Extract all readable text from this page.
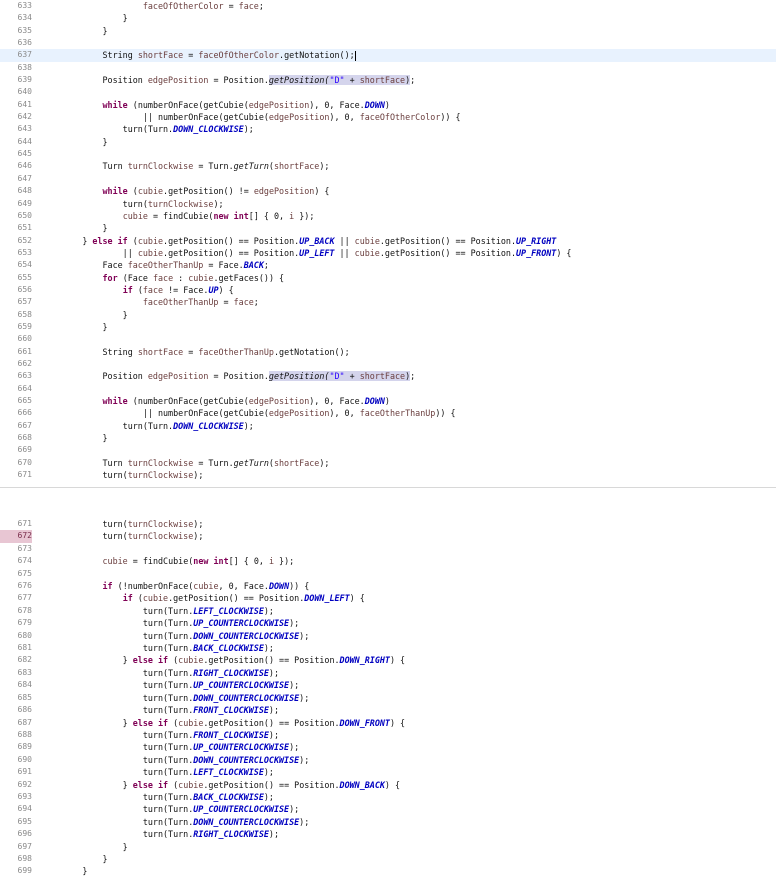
633	faceOfOtherColor = face;
634 }
635 }
636
637 String shortFace = faceOfOtherColor.getNotation();
638
639 Position edgePosition = Position.getPosition("D" + shortFace);
640
641	while (numberOnFace(getCubie(edgePosition), 0, Face.DOWN)
642 || numberOnFace(getCubie(edgePosition), 0, faceOfOtherColor)) {
643 turn(Turn.DOWN_CLOCKWISE);
644 }
645
646 Turn turnClockwise = Turn.getTurn(shortFace);
647
648	while (cubie.getPosition() != edgePosition) {
649 turn(turnClockwise);
650	cubie = findCubie(new int[] { 0, i });
651 }
652 } else if (cubie.getPosition() == Position.UP_BACK || cubie.getPosition() == Position.UP_RIGHT
653 || cubie.getPosition() == Position.UP_LEFT || cubie.getPosition() == Position.UP_FRONT) {
654 Face faceOtherThanUp = Face.BACK;
655	for (Face face : cubie.getFaces()) {
656	if (face != Face.UP) {
657	faceOtherThanUp = face;
658 }
659 }
660
661 String shortFace = faceOtherThanUp.getNotation();
662
663 Position edgePosition = Position.getPosition("D" + shortFace);
664
665	while (numberOnFace(getCubie(edgePosition), 0, Face.DOWN)
666 || numberOnFace(getCubie(edgePosition), 0, faceOtherThanUp)) {
667 turn(Turn.DOWN_CLOCKWISE);
668 }
669
670 Turn turnClockwise = Turn.getTurn(shortFace);
671 turn(turnClockwise);
671 turn(turnClockwise);
672 turn(turnClockwise);
673
674	cubie = findCubie(new int[] { 0, i });
675
676	if (!numberOnFace(cubie, 0, Face.DOWN)) {
677	if (cubie.getPosition() == Position.DOWN_LEFT) {
678 turn(Turn.LEFT_CLOCKWISE);
679 turn(Turn.UP_COUNTERCLOCKWISE);
680 turn(Turn.DOWN_COUNTERCLOCKWISE);
681 turn(Turn.BACK_CLOCKWISE);
682 } else if (cubie.getPosition() == Position.DOWN_RIGHT) {
683 turn(Turn.RIGHT_CLOCKWISE);
684 turn(Turn.UP_COUNTERCLOCKWISE);
685 turn(Turn.DOWN_COUNTERCLOCKWISE);
686 turn(Turn.FRONT_CLOCKWISE);
687 } else if (cubie.getPosition() == Position.DOWN_FRONT) {
688 turn(Turn.FRONT_CLOCKWISE);
689 turn(Turn.UP_COUNTERCLOCKWISE);
690 turn(Turn.DOWN_COUNTERCLOCKWISE);
691 turn(Turn.LEFT_CLOCKWISE);
692 } else if (cubie.getPosition() == Position.DOWN_BACK) {
693 turn(Turn.BACK_CLOCKWISE);
694 turn(Turn.UP_COUNTERCLOCKWISE);
695 turn(Turn.DOWN_COUNTERCLOCKWISE);
696 turn(Turn.RIGHT_CLOCKWISE);
697 }
698 }
699 }
